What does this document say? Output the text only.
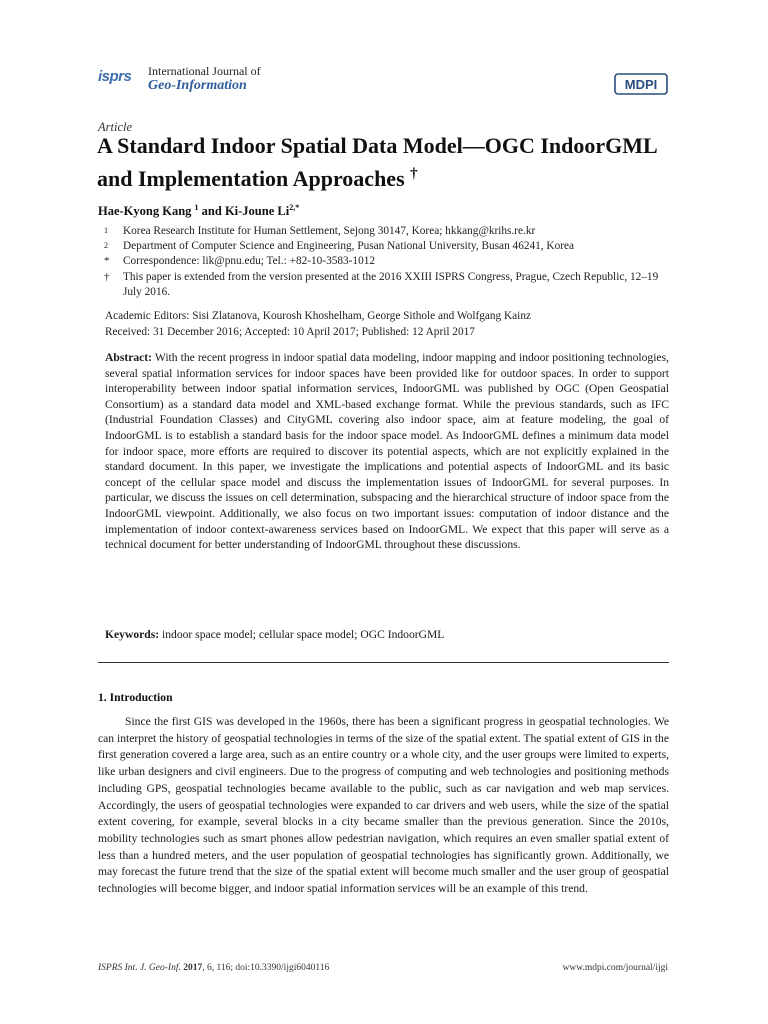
isprs International Journal of
Geo-Information	MDPI
Article
A Standard Indoor Spatial Data Model—OGC IndoorGML and Implementation Approaches †
Hae-Kyong Kang $^1$ and Ki-Joune $Li^{2,*}$
1 Korea Research Institute for Human Settlement, Sejong 30147, Korea; hkkang@krihs.re.kr
2 Department of Computer Science and Engineering, Pusan National University, Busan 46241, Korea
* Correspondence: lik@pnu.edu; Tel.: +82-10-3583-1012
† This paper is extended from the version presented at the 2016 XXIII ISPRS Congress, Prague, Czech Republic, 12–19 July 2016.
Academic Editors: Sisi Zlatanova, Kourosh Khoshelham, George Sithole and Wolfgang Kainz
Received: 31 December 2016; Accepted: 10 April 2017; Published: 12 April 2017

Abstract: With the recent progress in indoor spatial data modeling, indoor mapping and indoor positioning technologies, several spatial information services for indoor spaces have been provided like for outdoor spaces. In order to support interoperability between indoor spatial information services, IndoorGML was published by OGC (Open Geospatial Consortium) as a standard data model and XML-based exchange format. While the previous standards, such as IFC (Industrial Foundation Classes) and CityGML covering also indoor space, aim at feature modeling, the goal of IndoorGML is to establish a standard basis for the indoor space model. As IndoorGML defines a minimum data model for indoor space, more efforts are required to discover its potential aspects, which are not explicitly explained in the standard document. In this paper, we investigate the implications and potential aspects of IndoorGML and its basic concept of the cellular space model and discuss the implementation issues of IndoorGML for several purposes. In particular, we discuss the issues on cell determination, subspacing and the hierarchical structure of indoor space from the IndoorGML viewpoint. Additionally, we also focus on two important issues: computation of indoor distance and the implementation of indoor context-awareness services based on IndoorGML. We expect that this paper will serve as a technical document for better understanding of IndoorGML throughout these discussions.

Keywords: indoor space model; cellular space model; OGC IndoorGML
1. Introduction

Since the first GIS was developed in the 1960s, there has been a significant progress in geospatial technologies. We can interpret the history of geospatial technologies in terms of the size of the spatial extent. The spatial extent of GIS in the first generation covered a large area, such as an entire country or a whole city, and the user groups were limited to experts, like urban designers and civil engineers. Due to the progress of computing and web technologies and positioning methods including GPS, geospatial technologies became available to the public, such as car navigation and web map services. Accordingly, the users of geospatial technologies were expanded to car drivers and web users, while the size of the spatial extent covering, for example, several blocks in a city became smaller than the previous generation. Since the 2010s, mobility technologies such as smart phones allow pedestrian navigation, which requires an even smaller spatial extent of less than a hundred meters, and the user population of geospatial technologies has significantly grown. Additionally, we may forecast the future trend that the size of the spatial extent will become much smaller and the user group of geospatial technologies will become bigger, and indoor spatial information services will be an example of this trend.

ISPRS Int. J. Geo-Inf. 2017, 6, 116; doi:10.3390/ijgi6040116	www.mdpi.com/journal/ijgi
